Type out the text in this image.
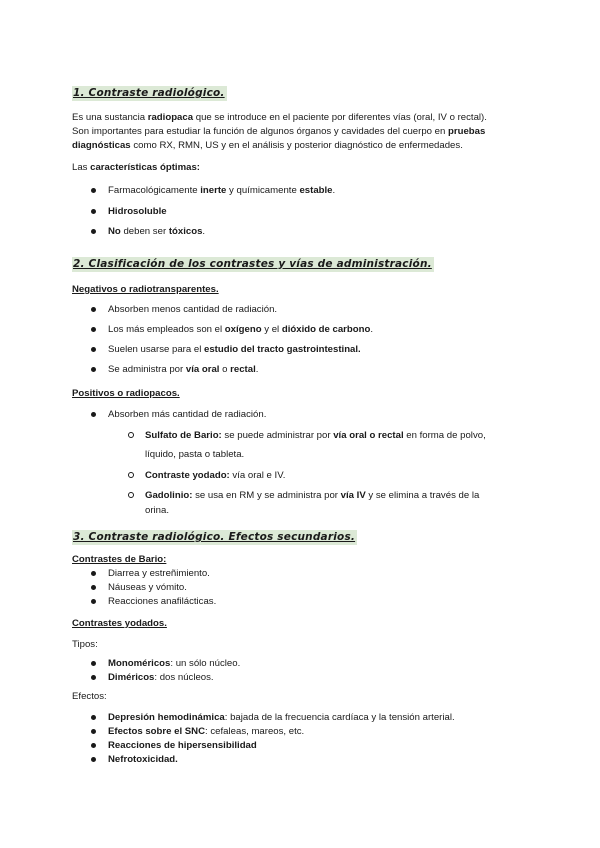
1. Contraste radiológico.
Es una sustancia radiopaca que se introduce en el paciente por diferentes vías (oral, IV o rectal).
Son importantes para estudiar la función de algunos órganos y cavidades del cuerpo en pruebas
diagnósticas como RX, RMN, US y en el análisis y posterior diagnóstico de enfermedades.
Las características óptimas:
Farmacológicamente inerte y químicamente estable.
Hidrosoluble
No deben ser tóxicos.
2. Clasificación de los contrastes y vías de administración.
Negativos o radiotransparentes.
Absorben menos cantidad de radiación.
Los más empleados son el oxígeno y el dióxido de carbono.
Suelen usarse para el estudio del tracto gastrointestinal.
Se administra por vía oral o rectal.
Positivos o radiopacos.
Absorben más cantidad de radiación.
Sulfato de Bario: se puede administrar por vía oral o rectal en forma de polvo,
líquido, pasta o tableta.
Contraste yodado: vía oral e IV.
Gadolinio: se usa en RM y se administra por vía IV y se elimina a través de la
orina.
3. Contraste radiológico. Efectos secundarios.
Contrastes de Bario:
Diarrea y estreñimiento.
Náuseas y vómito.
Reacciones anafilácticas.
Contrastes yodados.
Tipos:
Monoméricos: un sólo núcleo.
Diméricos: dos núcleos.
Efectos:
Depresión hemodinámica: bajada de la frecuencia cardíaca y la tensión arterial.
Efectos sobre el SNC: cefaleas, mareos, etc.
Reacciones de hipersensibilidad
Nefrotoxicidad.
